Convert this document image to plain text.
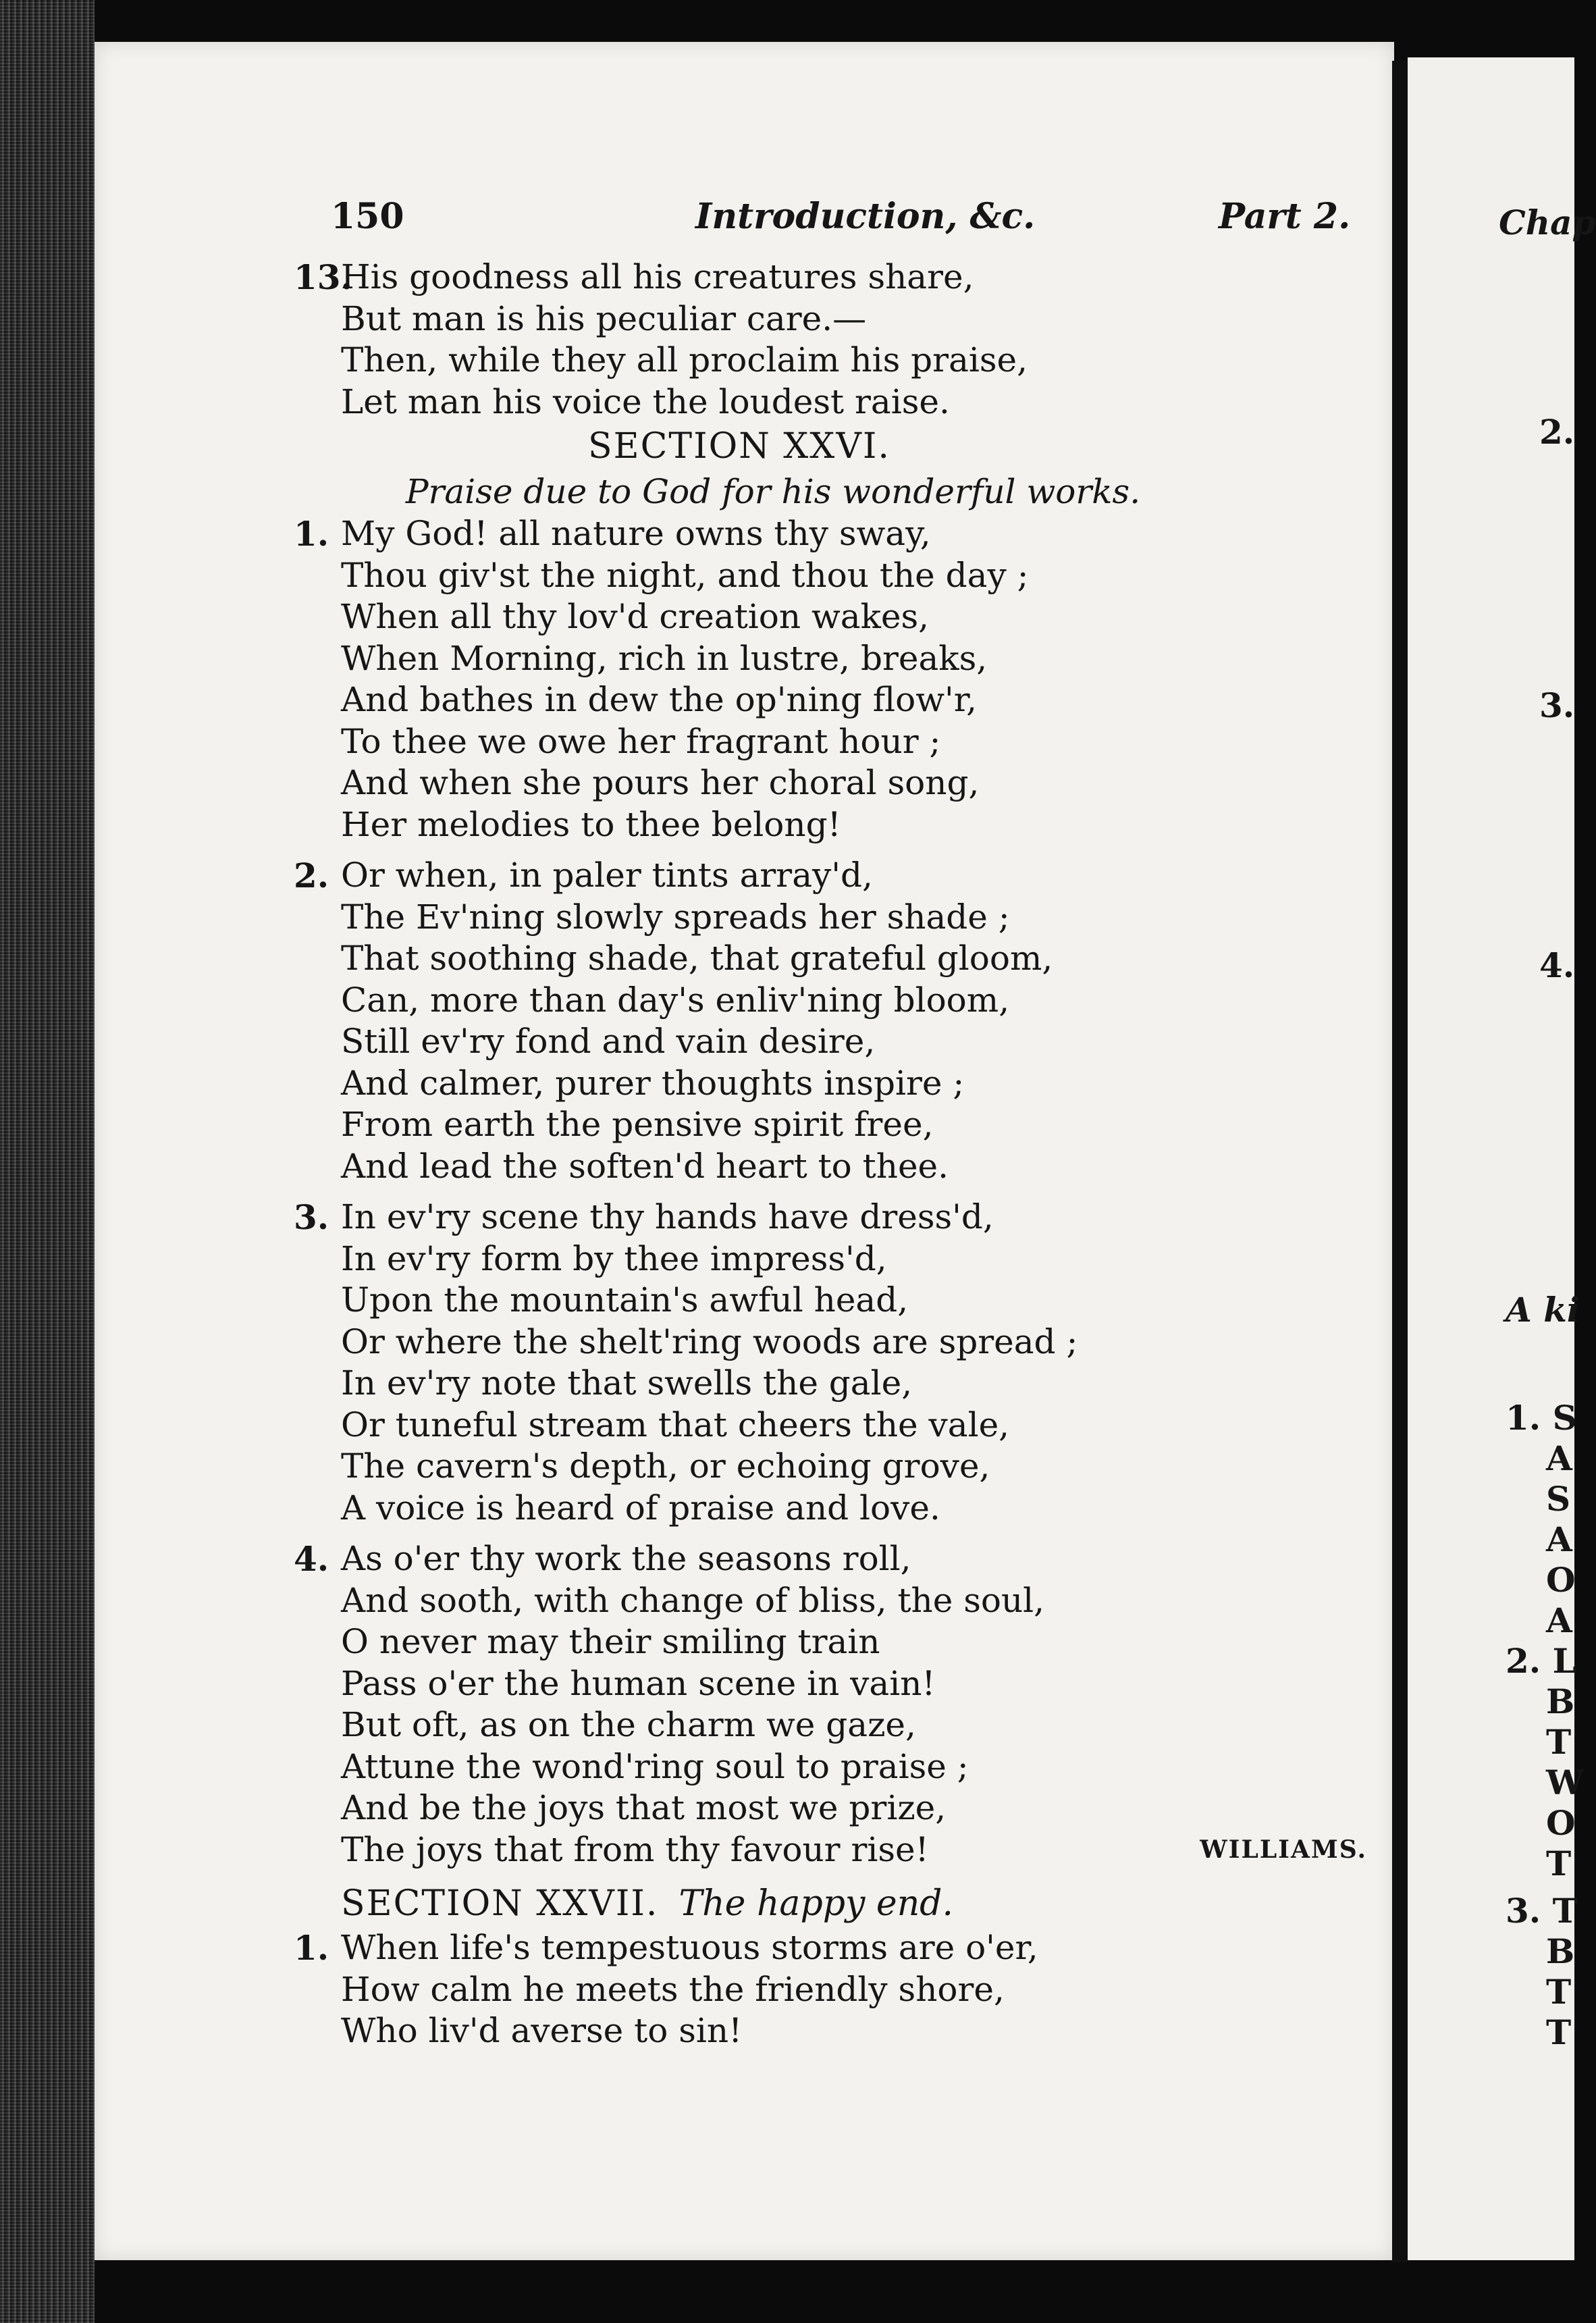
150	Introduction, &c.	Part 2.
13.
His goodness all his creatures share,
But man is his peculiar care.—
Then, while they all proclaim his praise,
Let man his voice the loudest raise.
SECTION XXVI.
Praise due to God for his wonderful works.
1. My God! all nature owns thy sway,
Thou giv'st the night, and thou the day ;
When all thy lov'd creation wakes,
When Morning, rich in lustre, breaks,
And bathes in dew the op'ning flow'r,
To thee we owe her fragrant hour ;
And when she pours her choral song,
Her melodies to thee belong!
2. Or when, in paler tints array'd,
The Ev'ning slowly spreads her shade ;
That soothing shade, that grateful gloom,
Can, more than day's enliv'ning bloom,
Still ev'ry fond and vain desire,
And calmer, purer thoughts inspire ;
From earth the pensive spirit free,
And lead the soften'd heart to thee.
3. In ev'ry scene thy hands have dress'd,
In ev'ry form by thee impress'd,
Upon the mountain's awful head,
Or where the shelt'ring woods are spread ;
In ev'ry note that swells the gale,
Or tuneful stream that cheers the vale,
The cavern's depth, or echoing grove,
A voice is heard of praise and love.
4. As o'er thy work the seasons roll,
And sooth, with change of bliss, the soul,
O never may their smiling train
Pass o'er the human scene in vain!
But oft, as on the charm we gaze,
Attune the wond'ring soul to praise ;
And be the joys that most we prize,
The joys that from thy favour rise!	WILLIAMS.
SECTION XXVII. The happy end.
1. When life's tempestuous storms are o'er,
How calm he meets the friendly shore,
Who liv'd averse to sin!
Chap
2.
3.
4.
A ki
1. S
A
S
A
O
A
2. L
B
T
W
O
T
3. T
B
T
T
